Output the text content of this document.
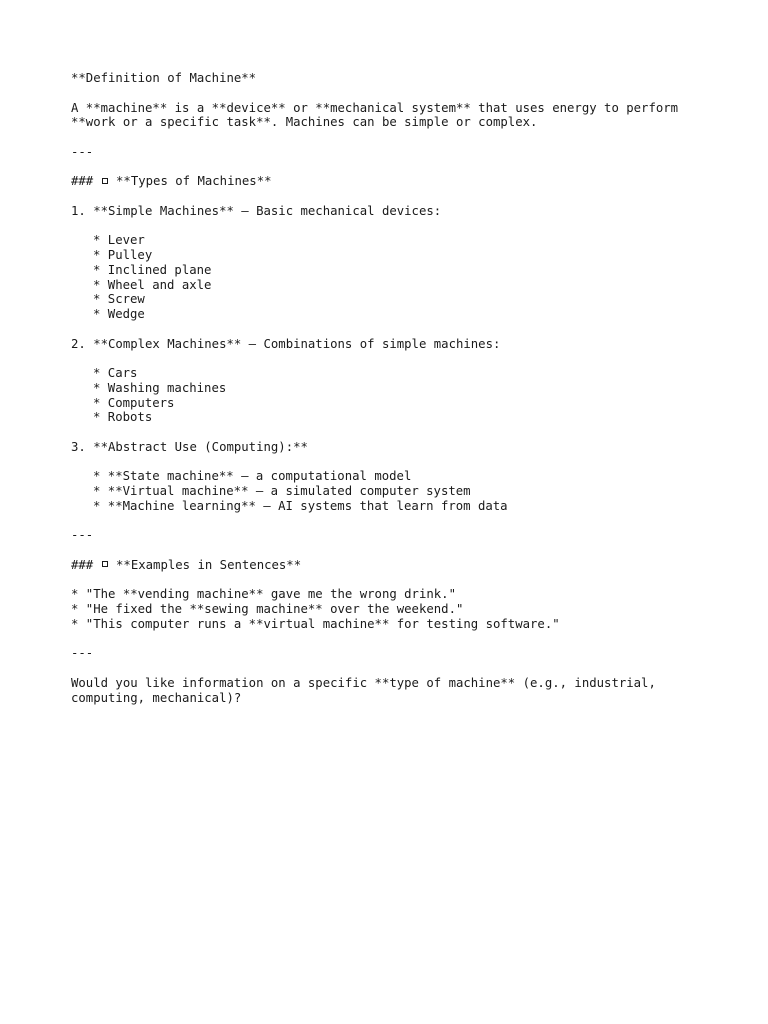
**Definition of Machine**
A **machine** is a **device** or **mechanical system** that uses energy to perform
**work or a specific task**. Machines can be simple or complex.
---
###  **Types of Machines**
1. **Simple Machines** – Basic mechanical devices:
* Lever
* Pulley
* Inclined plane
* Wheel and axle
* Screw
* Wedge
2. **Complex Machines** – Combinations of simple machines:
* Cars
* Washing machines
* Computers
* Robots
3. **Abstract Use (Computing):**
* **State machine** – a computational model
* **Virtual machine** – a simulated computer system
* **Machine learning** – AI systems that learn from data
---
###  **Examples in Sentences**
* "The **vending machine** gave me the wrong drink."
* "He fixed the **sewing machine** over the weekend."
* "This computer runs a **virtual machine** for testing software."
---
Would you like information on a specific **type of machine** (e.g., industrial,
computing, mechanical)?
